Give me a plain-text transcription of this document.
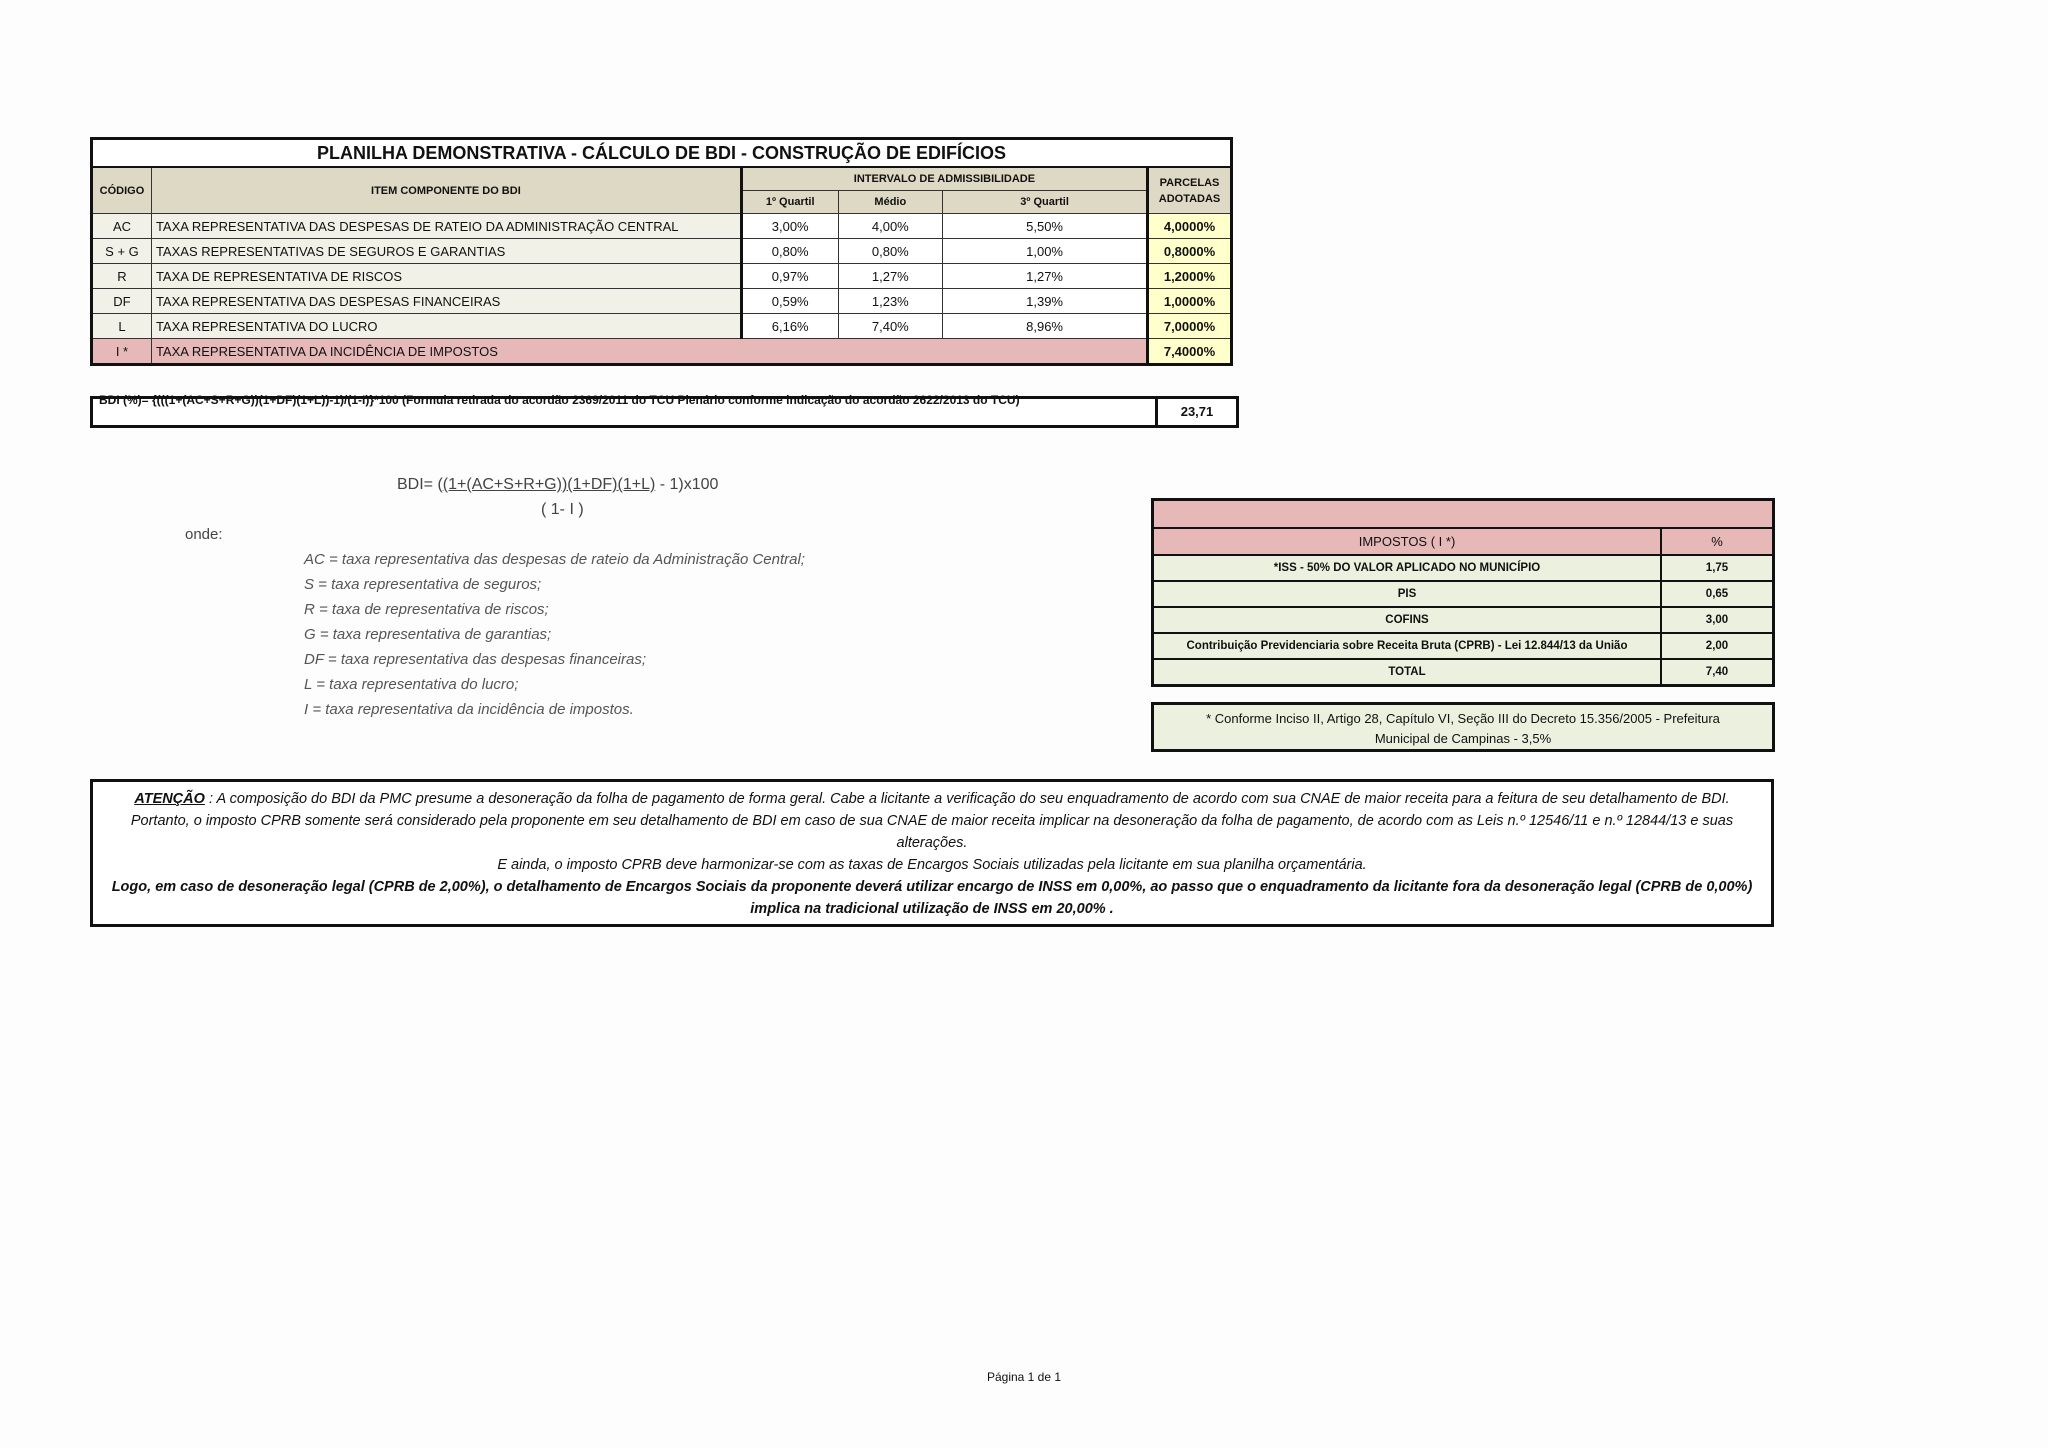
PLANILHA DEMONSTRATIVA - CÁLCULO DE BDI - CONSTRUÇÃO DE EDIFÍCIOS					
CÓDIGO	ITEM COMPONENTE DO BDI	INTERVALO DE ADMISSIBILIDADE			PARCELAS
ADOTADAS

		1º Quartil	Médio	3º Quartil	
AC	TAXA REPRESENTATIVA DAS DESPESAS DE RATEIO DA ADMINISTRAÇÃO CENTRAL	3,00%	4,00%	5,50%	4,0000%
S + G	TAXAS REPRESENTATIVAS DE SEGUROS E GARANTIAS	0,80%	0,80%	1,00%	0,8000%
R	TAXA DE REPRESENTATIVA DE RISCOS	0,97%	1,27%	1,27%	1,2000%
DF	TAXA REPRESENTATIVA DAS DESPESAS FINANCEIRAS	0,59%	1,23%	1,39%	1,0000%
L	TAXA REPRESENTATIVA DO LUCRO	6,16%	7,40%	8,96%	7,0000%
I *	TAXA REPRESENTATIVA DA INCIDÊNCIA DE IMPOSTOS				7,4000%
BDI (%)= {(((1+(AC+S+R+G))(1+DF)(1+L))-1)/(1-I)}*100 (Formula retirada do acordão 2369/2011 do TCU Plenário conforme indicação do acordão 2622/2013 do TCU)
23,71
BDI= ((1+(AC+S+R+G))(1+DF)(1+L) - 1)x100
( 1- I )
onde:
AC = taxa representativa das despesas de rateio da Administração Central;
S = taxa representativa de seguros;
R = taxa de representativa de riscos;
G = taxa representativa de garantias;
DF = taxa representativa das despesas financeiras;
L = taxa representativa do lucro;
I = taxa representativa da incidência de impostos.

IMPOSTOS ( I *)	%
*ISS - 50% DO VALOR APLICADO NO MUNICÍPIO	1,75
PIS	0,65
COFINS	3,00
Contribuição Previdenciaria sobre Receita Bruta (CPRB) - Lei 12.844/13 da União	2,00
TOTAL	7,40
* Conforme Inciso II, Artigo 28, Capítulo VI, Seção III do Decreto 15.356/2005 - Prefeitura
Municipal de Campinas - 3,5%
ATENÇÃO : A composição do BDI da PMC presume a desoneração da folha de pagamento de forma geral. Cabe a licitante a verificação do seu enquadramento de acordo com sua CNAE de maior receita para a feitura de seu detalhamento de BDI. Portanto, o imposto CPRB somente será considerado pela proponente em seu detalhamento de BDI em caso de sua CNAE de maior receita implicar na desoneração da folha de pagamento, de acordo com as Leis n.º 12546/11 e n.º 12844/13 e suas alterações.
E ainda, o imposto CPRB deve harmonizar-se com as taxas de Encargos Sociais utilizadas pela licitante em sua planilha orçamentária.
Logo, em caso de desoneração legal (CPRB de 2,00%), o detalhamento de Encargos Sociais da proponente deverá utilizar encargo de INSS em 0,00%, ao passo que o enquadramento da licitante fora da desoneração legal (CPRB de 0,00%) implica na tradicional utilização de INSS em 20,00% .
Página 1 de 1
